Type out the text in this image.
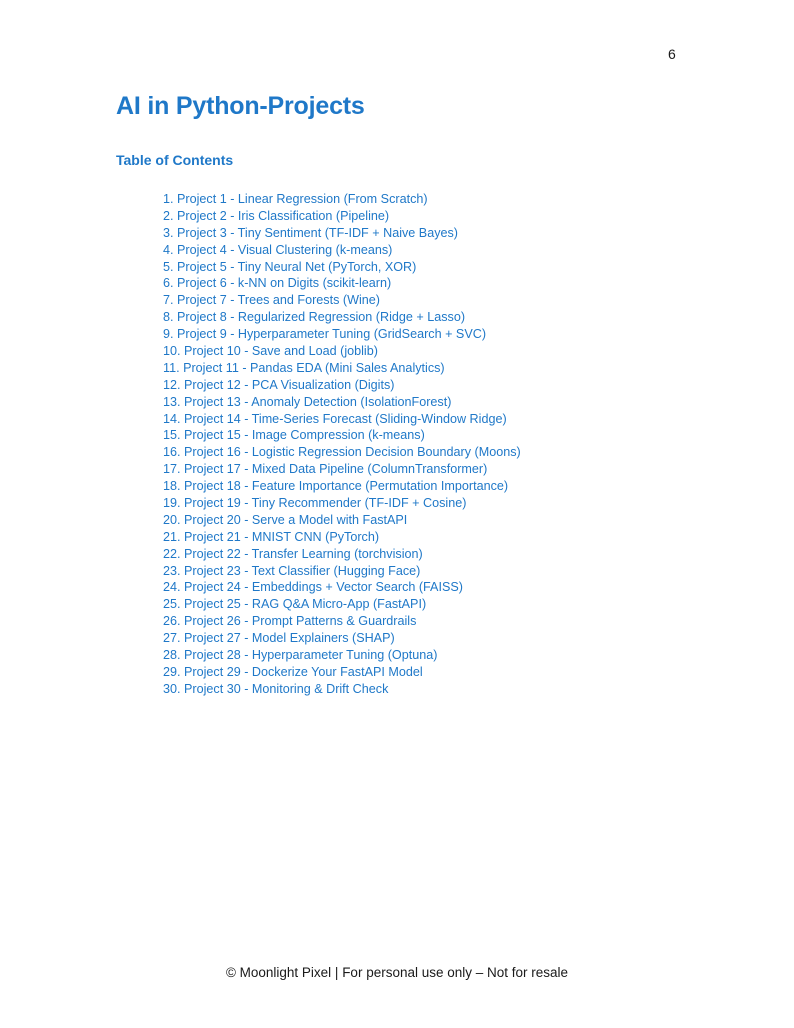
6
AI in Python-Projects
Table of Contents
1. Project 1 - Linear Regression (From Scratch)
2. Project 2 - Iris Classification (Pipeline)
3. Project 3 - Tiny Sentiment (TF-IDF + Naive Bayes)
4. Project 4 - Visual Clustering (k-means)
5. Project 5 - Tiny Neural Net (PyTorch, XOR)
6. Project 6 - k-NN on Digits (scikit-learn)
7. Project 7 - Trees and Forests (Wine)
8. Project 8 - Regularized Regression (Ridge + Lasso)
9. Project 9 - Hyperparameter Tuning (GridSearch + SVC)
10. Project 10 - Save and Load (joblib)
11. Project 11 - Pandas EDA (Mini Sales Analytics)
12. Project 12 - PCA Visualization (Digits)
13. Project 13 - Anomaly Detection (IsolationForest)
14. Project 14 - Time-Series Forecast (Sliding-Window Ridge)
15. Project 15 - Image Compression (k-means)
16. Project 16 - Logistic Regression Decision Boundary (Moons)
17. Project 17 - Mixed Data Pipeline (ColumnTransformer)
18. Project 18 - Feature Importance (Permutation Importance)
19. Project 19 - Tiny Recommender (TF-IDF + Cosine)
20. Project 20 - Serve a Model with FastAPI
21. Project 21 - MNIST CNN (PyTorch)
22. Project 22 - Transfer Learning (torchvision)
23. Project 23 - Text Classifier (Hugging Face)
24. Project 24 - Embeddings + Vector Search (FAISS)
25. Project 25 - RAG Q&A Micro-App (FastAPI)
26. Project 26 - Prompt Patterns & Guardrails
27. Project 27 - Model Explainers (SHAP)
28. Project 28 - Hyperparameter Tuning (Optuna)
29. Project 29 - Dockerize Your FastAPI Model
30. Project 30 - Monitoring & Drift Check
© Moonlight Pixel | For personal use only – Not for resale
